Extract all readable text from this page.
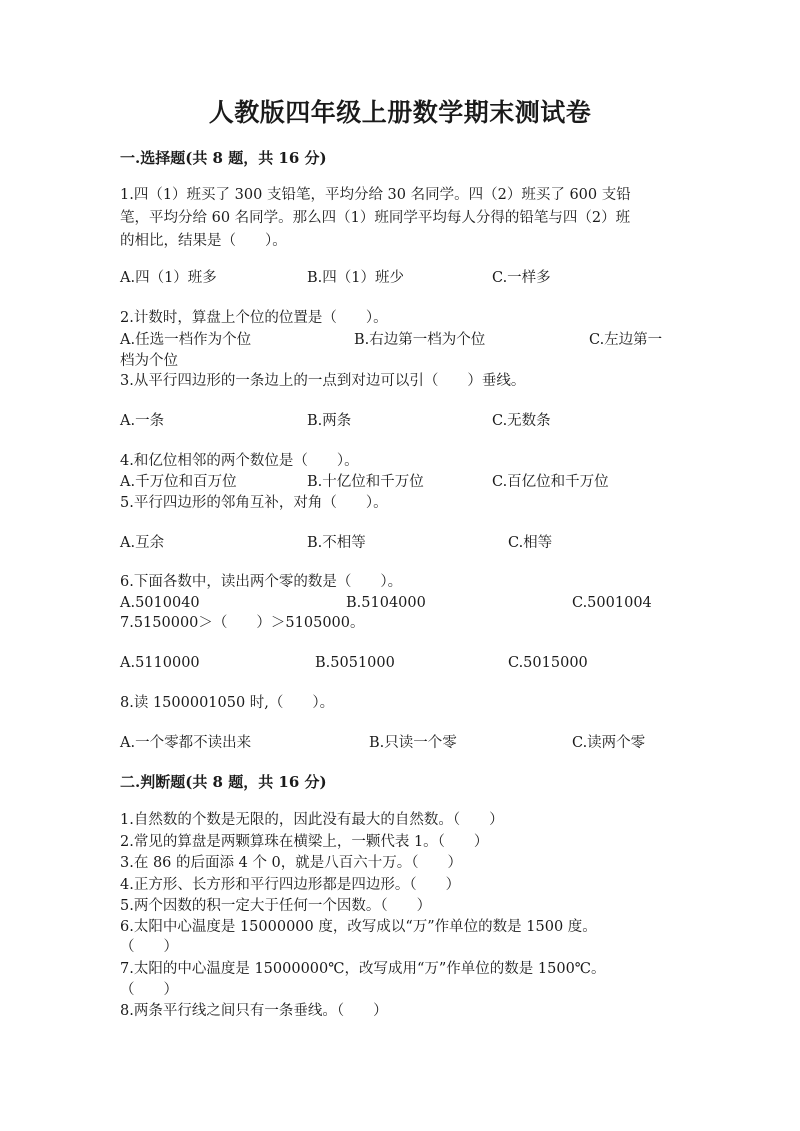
人教版四年级上册数学期末测试卷
一.选择题(共 8 题，共 16 分)
1.四（1）班买了 300 支铅笔，平均分给 30 名同学。四（2）班买了 600 支铅
笔，平均分给 60 名同学。那么四（1）班同学平均每人分得的铅笔与四（2）班
的相比，结果是（　　）。
A.四（1）班多	B.四（1）班少	C.一样多
2.计数时，算盘上个位的位置是（　　）。
A.任选一档作为个位	B.右边第一档为个位	C.左边第一
档为个位
3.从平行四边形的一条边上的一点到对边可以引（　　）垂线。
A.一条	B.两条	C.无数条
4.和亿位相邻的两个数位是（　　）。
A.千万位和百万位	B.十亿位和千万位	C.百亿位和千万位
5.平行四边形的邻角互补，对角（　　）。
A.互余	B.不相等	C.相等
6.下面各数中，读出两个零的数是（　　）。
A.5010040	B.5104000	C.5001004
7.5150000＞（　　）＞5105000。
A.5110000	B.5051000	C.5015000
8.读 1500001050 时,（　　）。
A.一个零都不读出来	B.只读一个零	C.读两个零
二.判断题(共 8 题，共 16 分)
1.自然数的个数是无限的，因此没有最大的自然数。（　　）
2.常见的算盘是两颗算珠在横梁上，一颗代表 1。（　　）
3.在 86 的后面添 4 个 0，就是八百六十万。（　　）
4.正方形、长方形和平行四边形都是四边形。（　　）
5.两个因数的积一定大于任何一个因数。（　　）
6.太阳中心温度是 15000000 度，改写成以“万”作单位的数是 1500 度。
（　　）
7.太阳的中心温度是 15000000℃，改写成用“万”作单位的数是 1500℃。
（　　）
8.两条平行线之间只有一条垂线。（　　）
